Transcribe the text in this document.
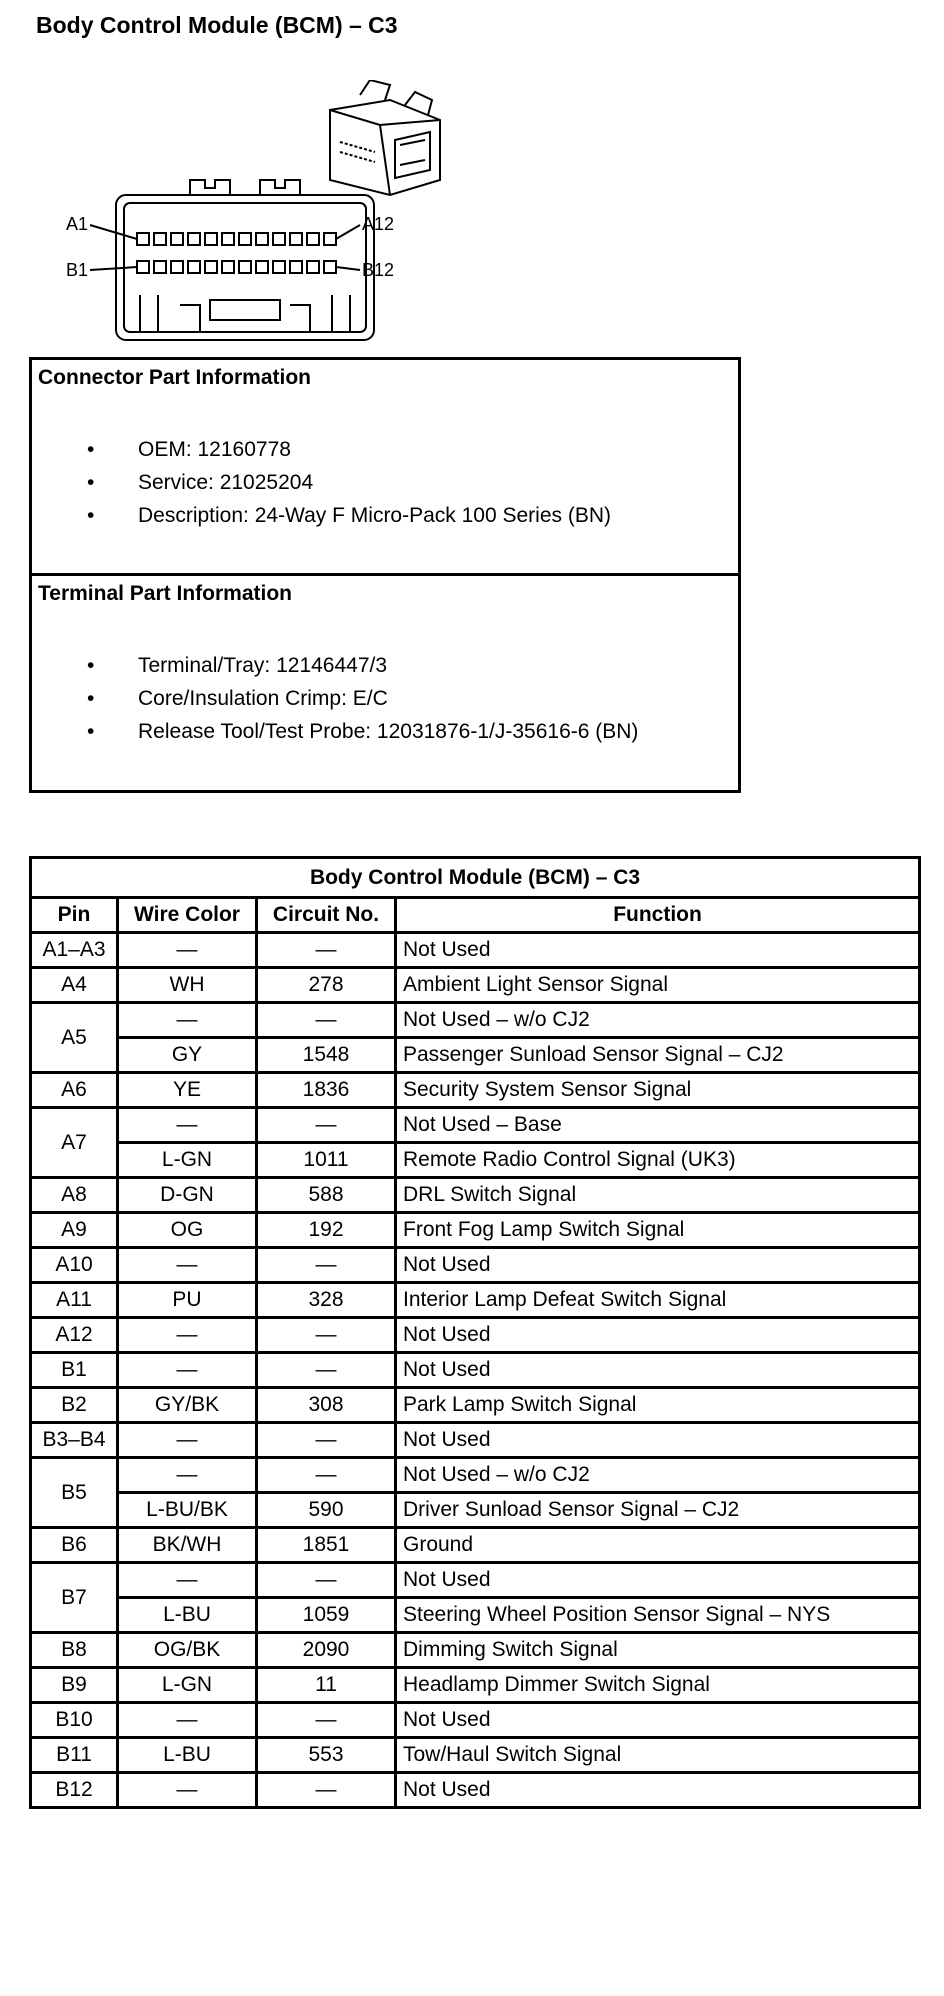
Body Control Module (BCM) – C3
A1
B1
A12
B12
Connector Part Information
• OEM: 12160778
• Service: 21025204
• Description: 24-Way F Micro-Pack 100 Series (BN)
Terminal Part Information
• Terminal/Tray: 12146447/3
• Core/Insulation Crimp: E/C
• Release Tool/Test Probe: 12031876-1/J-35616-6 (BN)
Body Control Module (BCM) – C3			
Pin	Wire Color	Circuit No.	Function
A1–A3	—	—	Not Used
A4	WH	278	Ambient Light Sensor Signal
A5	—	—	Not Used – w/o CJ2
	GY	1548	Passenger Sunload Sensor Signal – CJ2
A6	YE	1836	Security System Sensor Signal
A7	—	—	Not Used – Base
	L-GN	1011	Remote Radio Control Signal (UK3)
A8	D-GN	588	DRL Switch Signal
A9	OG	192	Front Fog Lamp Switch Signal
A10	—	—	Not Used
A11	PU	328	Interior Lamp Defeat Switch Signal
A12	—	—	Not Used
B1	—	—	Not Used
B2	GY/BK	308	Park Lamp Switch Signal
B3–B4	—	—	Not Used
B5	—	—	Not Used – w/o CJ2
	L-BU/BK	590	Driver Sunload Sensor Signal – CJ2
B6	BK/WH	1851	Ground
B7	—	—	Not Used
	L-BU	1059	Steering Wheel Position Sensor Signal – NYS
B8	OG/BK	2090	Dimming Switch Signal
B9	L-GN	11	Headlamp Dimmer Switch Signal
B10	—	—	Not Used
B11	L-BU	553	Tow/Haul Switch Signal
B12	—	—	Not Used
